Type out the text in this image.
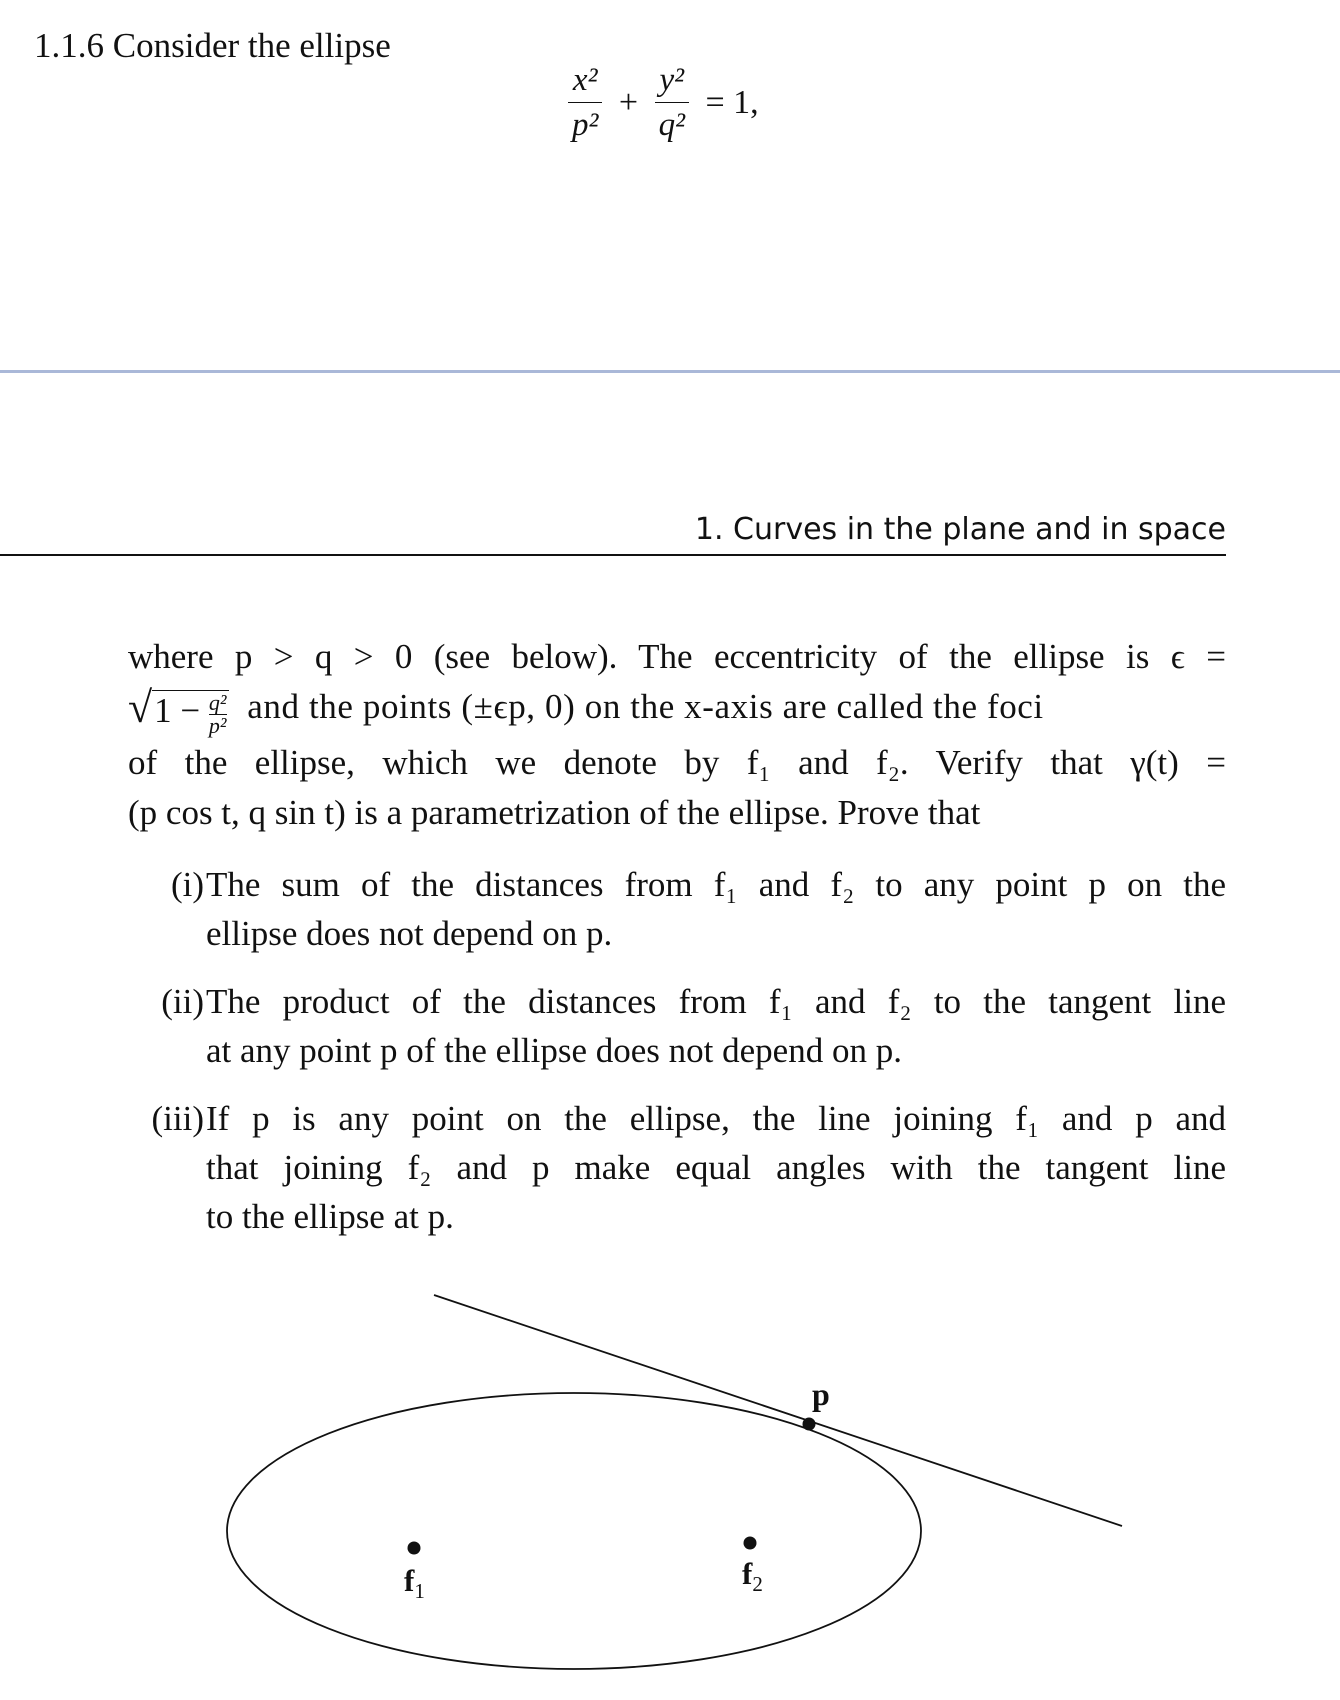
1.1.6 Consider the ellipse
$\frac{\text{x²}}{\text{p²}} + \frac{\text{y²}}{\text{q²}} = 1$,
1. Curves in the plane and in space
where p > q > 0 (see below). The eccentricity of the ellipse is ϵ =
$√1 - \frac{\text{q²}}{\text{p²}}$ and the points (±ϵp, 0) on the x-axis are called the foci
of the ellipse, which we denote by f₁ and f₂. Verify that γ(t) =
(p cos t, q sin t) is a parametrization of the ellipse. Prove that
(i) The sum of the distances from f₁ and f₂ to any point p on the
ellipse does not depend on p.
(ii) The product of the distances from f₁ and f₂ to the tangent line
at any point p of the ellipse does not depend on p.
(iii) If p is any point on the ellipse, the line joining f₁ and p and
that joining f₂ and p make equal angles with the tangent line
to the ellipse at p.
p
$f_1$	$f_2$
